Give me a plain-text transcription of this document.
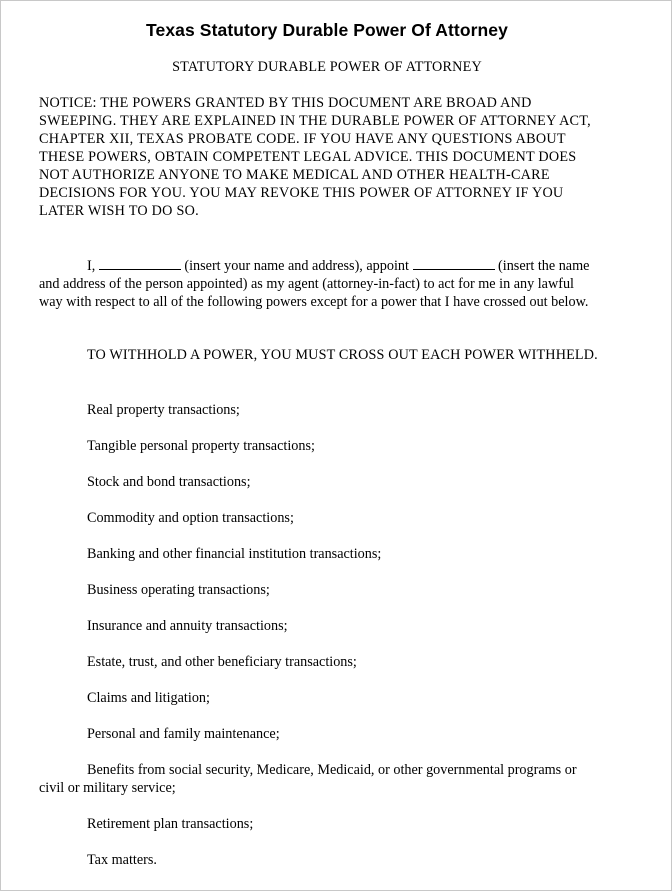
Texas Statutory Durable Power Of Attorney
STATUTORY DURABLE POWER OF ATTORNEY
NOTICE: THE POWERS GRANTED BY THIS DOCUMENT ARE BROAD AND SWEEPING. THEY ARE EXPLAINED IN THE DURABLE POWER OF ATTORNEY ACT, CHAPTER XII, TEXAS PROBATE CODE. IF YOU HAVE ANY QUESTIONS ABOUT THESE POWERS, OBTAIN COMPETENT LEGAL ADVICE. THIS DOCUMENT DOES NOT AUTHORIZE ANYONE TO MAKE MEDICAL AND OTHER HEALTH-CARE DECISIONS FOR YOU. YOU MAY REVOKE THIS POWER OF ATTORNEY IF YOU LATER WISH TO DO SO.
I,	(insert your name and address), appoint	(insert the name and address of the person appointed) as my agent (attorney-in-fact) to act for me in any lawful way with respect to all of the following powers except for a power that I have crossed out below.
TO WITHHOLD A POWER, YOU MUST CROSS OUT EACH POWER WITHHELD.
Real property transactions;
Tangible personal property transactions;
Stock and bond transactions;
Commodity and option transactions;
Banking and other financial institution transactions;
Business operating transactions;
Insurance and annuity transactions;
Estate, trust, and other beneficiary transactions;
Claims and litigation;
Personal and family maintenance;
Benefits from social security, Medicare, Medicaid, or other governmental programs or civil or military service;
Retirement plan transactions;
Tax matters.
